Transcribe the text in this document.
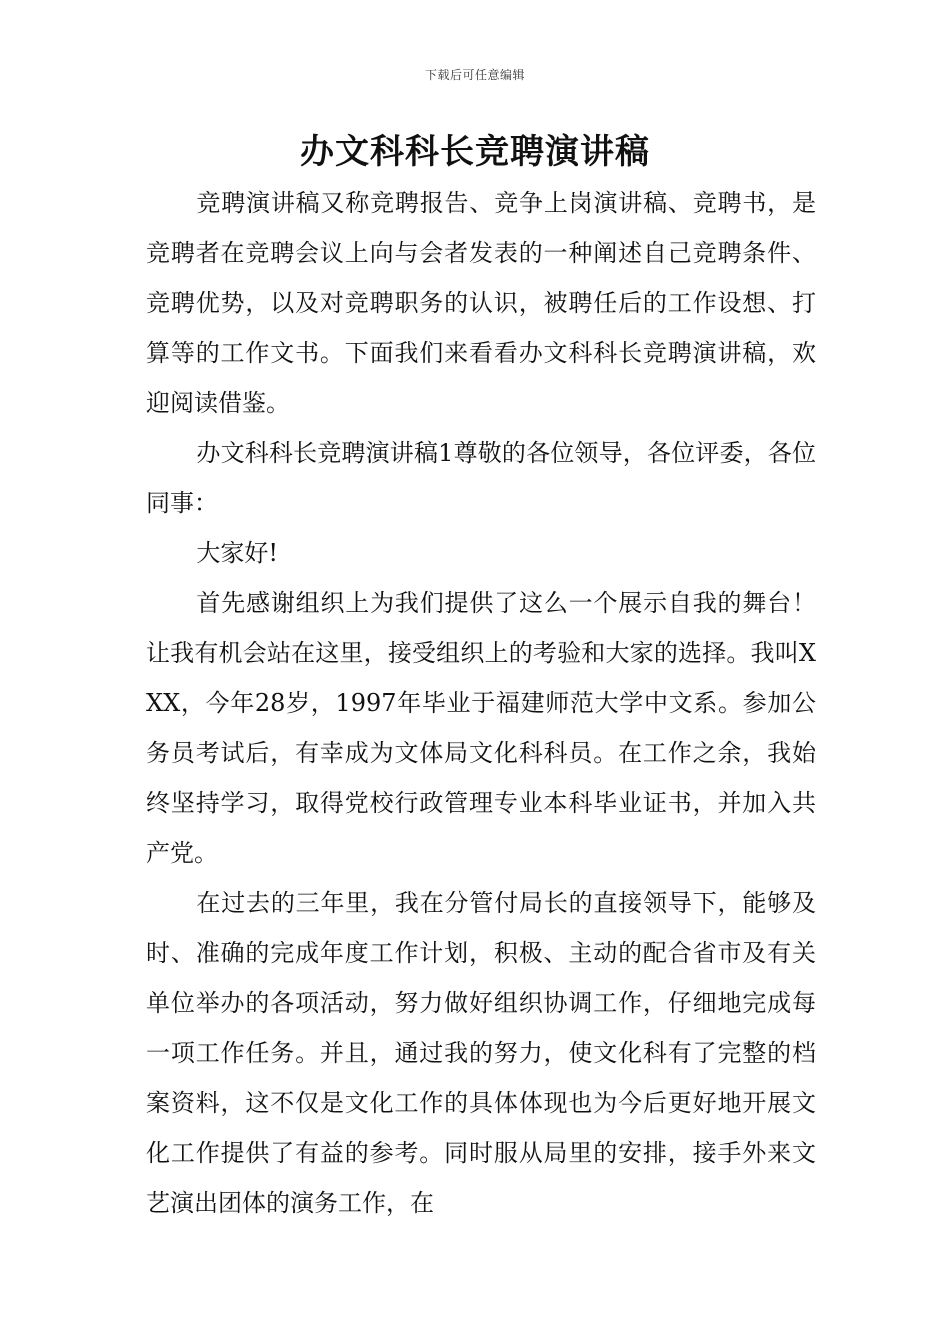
下载后可任意编辑
办文科科长竞聘演讲稿

竞聘演讲稿又称竞聘报告、竞争上岗演讲稿、竞聘书，是竞聘者在竞聘会议上向与会者发表的一种阐述自己竞聘条件、竞聘优势，以及对竞聘职务的认识，被聘任后的工作设想、打算等的工作文书。下面我们来看看办文科科长竞聘演讲稿，欢迎阅读借鉴。

办文科科长竞聘演讲稿1尊敬的各位领导，各位评委，各位同事：

大家好!

首先感谢组织上为我们提供了这么一个展示自我的舞台！让我有机会站在这里，接受组织上的考验和大家的选择。我叫XXX，今年28岁，1997年毕业于福建师范大学中文系。参加公务员考试后，有幸成为文体局文化科科员。在工作之余，我始终坚持学习，取得党校行政管理专业本科毕业证书，并加入共产党。

在过去的三年里，我在分管付局长的直接领导下，能够及时、准确的完成年度工作计划，积极、主动的配合省市及有关单位举办的各项活动，努力做好组织协调工作，仔细地完成每一项工作任务。并且，通过我的努力，使文化科有了完整的档案资料，这不仅是文化工作的具体体现也为今后更好地开展文化工作提供了有益的参考。同时服从局里的安排，接手外来文艺演出团体的演务工作，在
